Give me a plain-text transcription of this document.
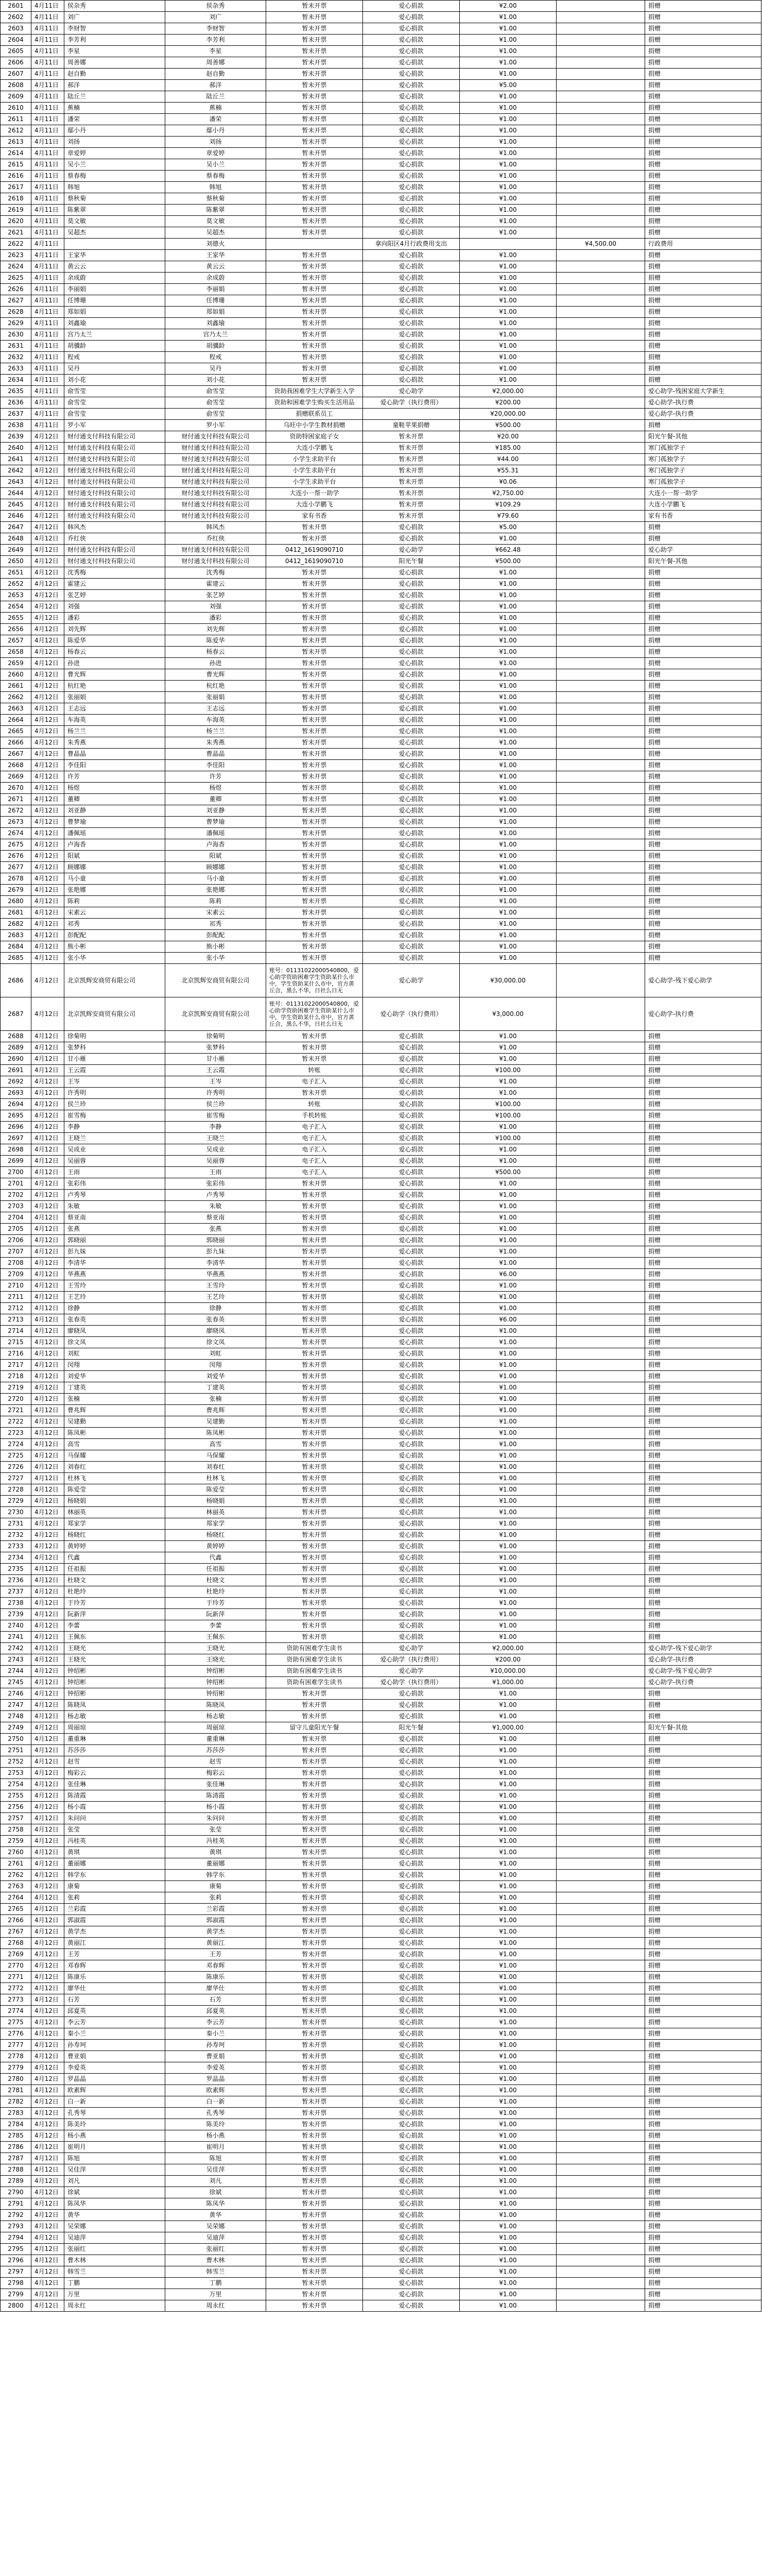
2601	4月11日	侯杂秀	侯杂秀	暂未开票	爱心捐款	¥2.00		捐赠
2602	4月11日	刘广	刘广	暂未开票	爱心捐款	¥1.00		捐赠
2603	4月11日	李财智	李财智	暂未开票	爱心捐款	¥1.00		捐赠
2604	4月11日	李芳利	李芳利	暂未开票	爱心捐款	¥1.00		捐赠
2605	4月11日	李星	李星	暂未开票	爱心捐款	¥1.00		捐赠
2606	4月11日	周善娜	周善娜	暂未开票	爱心捐款	¥1.00		捐赠
2607	4月11日	赵自勤	赵自勤	暂未开票	爱心捐款	¥1.00		捐赠
2608	4月11日	郝洋	郝洋	暂未开票	爱心捐款	¥5.00		捐赠
2609	4月11日	陆丘兰	陆丘兰	暂未开票	爱心捐款	¥1.00		捐赠
2610	4月11日	蕉楠	蕉楠	暂未开票	爱心捐款	¥1.00		捐赠
2611	4月11日	潘荣	潘荣	暂未开票	爱心捐款	¥1.00		捐赠
2612	4月11日	鄢小丹	鄢小丹	暂未开票	爱心捐款	¥1.00		捐赠
2613	4月11日	刘扬	刘扬	暂未开票	爱心捐款	¥1.00		捐赠
2614	4月11日	章爱婷	章爱婷	暂未开票	爱心捐款	¥1.00		捐赠
2615	4月11日	吴小兰	吴小兰	暂未开票	爱心捐款	¥1.00		捐赠
2616	4月11日	蔡春梅	蔡春梅	暂未开票	爱心捐款	¥1.00		捐赠
2617	4月11日	韩旭	韩旭	暂未开票	爱心捐款	¥1.00		捐赠
2618	4月11日	蔡秋菊	蔡秋菊	暂未开票	爱心捐款	¥1.00		捐赠
2619	4月11日	陈紫翠	陈紫翠	暂未开票	爱心捐款	¥1.00		捐赠
2620	4月11日	莫文敏	莫文敏	暂未开票	爱心捐款	¥1.00		捐赠
2621	4月11日	吴超杰	吴超杰	暂未开票	爱心捐款	¥1.00		捐赠
2622	4月11日		刘德火		拿向阳区4月行政费用支出		¥4,500.00	行政费用
2623	4月11日	王家华	王家华	暂未开票	爱心捐款	¥1.00		捐赠
2624	4月11日	黄云云	黄云云	暂未开票	爱心捐款	¥1.00		捐赠
2625	4月11日	余成蔚	余成蔚	暂未开票	爱心捐款	¥1.00		捐赠
2626	4月11日	李丽娟	李丽娟	暂未开票	爱心捐款	¥1.00		捐赠
2627	4月11日	任博珊	任博珊	暂未开票	爱心捐款	¥1.00		捐赠
2628	4月11日	郑如娟	郑如娟	暂未开票	爱心捐款	¥1.00		捐赠
2629	4月11日	刘鑫瑜	刘鑫瑜	暂未开票	爱心捐款	¥1.00		捐赠
2630	4月11日	宫乃太兰	宫乃太兰	暂未开票	爱心捐款	¥1.00		捐赠
2631	4月11日	胡骥龄	胡骥龄	暂未开票	爱心捐款	¥1.00		捐赠
2632	4月11日	程戒	程戒	暂未开票	爱心捐款	¥1.00		捐赠
2633	4月11日	吴丹	吴丹	暂未开票	爱心捐款	¥1.00		捐赠
2634	4月11日	刘小花	刘小花	暂未开票	爱心捐款	¥1.00		捐赠
2635	4月11日	俞雪莹	俞雪莹	资助我困难学生大学新生入学	爱心助学	¥2,000.00		爱心助学-残困家庭大学新生
2636	4月11日	俞雪莹	俞雪莹	资助和困难学生购买生活用品	爱心助学（执行费用）	¥200.00		爱心助学-执行费
2637	4月11日	俞雪莹	俞雪莹	捐赠联系员工		¥20,000.00		爱心助学-执行费
2638	4月11日	罗小军	罗小军	乌旺中小学生教材捐赠	童鞋苹果捐赠	¥500.00		捐赠
2639	4月12日	财付通支付科技有限公司	财付通支付科技有限公司	资助特困家庭子女	暂未开票	¥20.00		阳光午餐-其他
2640	4月12日	财付通支付科技有限公司	财付通支付科技有限公司	大连小学鹏飞	暂未开票	¥185.00		寒门孤独学子
2641	4月12日	财付通支付科技有限公司	财付通支付科技有限公司	小学生求助平台	暂未开票	¥44.00		寒门孤独学子
2642	4月12日	财付通支付科技有限公司	财付通支付科技有限公司	小学生求助平台	暂未开票	¥55.31		寒门孤独学子
2643	4月12日	财付通支付科技有限公司	财付通支付科技有限公司	小学生求助平台	暂未开票	¥0.06		寒门孤独学子
2644	4月12日	财付通支付科技有限公司	财付通支付科技有限公司	大连小一帮一助学	暂未开票	¥2,750.00		大连小一帮一助学
2645	4月12日	财付通支付科技有限公司	财付通支付科技有限公司	大连小学鹏飞	暂未开票	¥109.29		大连小学鹏飞
2646	4月12日	财付通支付科技有限公司	财付通支付科技有限公司	家有书香	暂未开票	¥79.60		家有书香
2647	4月12日	韩风杰	韩风杰	暂未开票	爱心捐款	¥5.00		捐赠
2648	4月12日	乔红侠	乔红侠	暂未开票	爱心捐款	¥1.00		捐赠
2649	4月12日	财付通支付科技有限公司	财付通支付科技有限公司	0412_1619090710	爱心助学	¥662.48		爱心助学
2650	4月12日	财付通支付科技有限公司	财付通支付科技有限公司	0412_1619090710	阳光午餐	¥500.00		阳光午餐-其他
2651	4月12日	沈秀梅	沈秀梅	暂未开票	爱心捐款	¥1.00		捐赠
2652	4月12日	霍建云	霍建云	暂未开票	爱心捐款	¥1.00		捐赠
2653	4月12日	张艺婷	张艺婷	暂未开票	爱心捐款	¥1.00		捐赠
2654	4月12日	刘强	刘强	暂未开票	爱心捐款	¥1.00		捐赠
2655	4月12日	潘彩	潘彩	暂未开票	爱心捐款	¥1.00		捐赠
2656	4月12日	刘先辉	刘先辉	暂未开票	爱心捐款	¥1.00		捐赠
2657	4月12日	陈爱华	陈爱华	暂未开票	爱心捐款	¥1.00		捐赠
2658	4月12日	杨春云	杨春云	暂未开票	爱心捐款	¥1.00		捐赠
2659	4月12日	孙进	孙进	暂未开票	爱心捐款	¥1.00		捐赠
2660	4月12日	曹光辉	曹光辉	暂未开票	爱心捐款	¥1.00		捐赠
2661	4月12日	杭红艳	杭红艳	暂未开票	爱心捐款	¥1.00		捐赠
2662	4月12日	张丽娟	张丽娟	暂未开票	爱心捐款	¥1.00		捐赠
2663	4月12日	王志远	王志远	暂未开票	爱心捐款	¥1.00		捐赠
2664	4月12日	车海英	车海英	暂未开票	爱心捐款	¥1.00		捐赠
2665	4月12日	杨兰兰	杨兰兰	暂未开票	爱心捐款	¥1.00		捐赠
2666	4月12日	朱秀燕	朱秀燕	暂未开票	爱心捐款	¥1.00		捐赠
2667	4月12日	曹晶晶	曹晶晶	暂未开票	爱心捐款	¥1.00		捐赠
2668	4月12日	李佳阳	李佳阳	暂未开票	爱心捐款	¥1.00		捐赠
2669	4月12日	许芳	许芳	暂未开票	爱心捐款	¥1.00		捐赠
2670	4月12日	杨煜	杨煜	暂未开票	爱心捐款	¥1.00		捐赠
2671	4月12日	董卿	董卿	暂未开票	爱心捐款	¥1.00		捐赠
2672	4月12日	刘亚静	刘亚静	暂未开票	爱心捐款	¥1.00		捐赠
2673	4月12日	曹梦瑜	曹梦瑜	暂未开票	爱心捐款	¥1.00		捐赠
2674	4月12日	潘佩瑶	潘佩瑶	暂未开票	爱心捐款	¥1.00		捐赠
2675	4月12日	卢海香	卢海香	暂未开票	爱心捐款	¥1.00		捐赠
2676	4月12日	阳斌	阳斌	暂未开票	爱心捐款	¥1.00		捐赠
2677	4月12日	顾娜娜	顾娜娜	暂未开票	爱心捐款	¥1.00		捐赠
2678	4月12日	马小童	马小童	暂未开票	爱心捐款	¥1.00		捐赠
2679	4月12日	张艳娜	张艳娜	暂未开票	爱心捐款	¥1.00		捐赠
2680	4月12日	陈莉	陈莉	暂未开票	爱心捐款	¥1.00		捐赠
2681	4月12日	宋素云	宋素云	暂未开票	爱心捐款	¥1.00		捐赠
2682	4月12日	祁秀	祁秀	暂未开票	爱心捐款	¥1.00		捐赠
2683	4月12日	彭配配	彭配配	暂未开票	爱心捐款	¥1.00		捐赠
2684	4月12日	熊小彬	熊小彬	暂未开票	爱心捐款	¥1.00		捐赠
2685	4月12日	张小华	张小华	暂未开票	爱心捐款	¥1.00		捐赠
2686	4月12日	北京凯辉安商贸有限公司	北京凯辉安商贸有限公司	账号：01131022000540800，爱心助学资助困难学生资助某什么市中，学生资助某什么市中，官方黄丘合，黑么不华，日社么日无	爱心助学	¥30,000.00		爱心助学-残下爱心助学
2687	4月12日	北京凯辉安商贸有限公司	北京凯辉安商贸有限公司	账号：01131022000540800，爱心助学资助困难学生资助某什么市中，学生资助某什么市中，官方黄丘合，黑么不华，日社么日无	爱心助学（执行费用）	¥3,000.00		爱心助学-执行费
2688	4月12日	徐菊明	徐菊明	暂未开票	爱心捐款	¥1.00		捐赠
2689	4月12日	张梦科	张梦科	暂未开票	爱心捐款	¥1.00		捐赠
2690	4月12日	甘小雁	甘小雁	暂未开票	爱心捐款	¥1.00		捐赠
2691	4月12日	王云霞	王云霞	转账	爱心捐款	¥100.00		捐赠
2692	4月12日	王岑	王岑	电子汇入	爱心捐款	¥1.00		捐赠
2693	4月12日	许秀明	许秀明	暂未开票	爱心捐款	¥1.00		捐赠
2694	4月12日	侯兰珍	侯兰珍	转账	爱心捐款	¥100.00		捐赠
2695	4月12日	崔雪梅	崔雪梅	手机转账	爱心捐款	¥100.00		捐赠
2696	4月12日	李静	李静	电子汇入	爱心捐款	¥1.00		捐赠
2697	4月12日	王晓兰	王晓兰	电子汇入	爱心捐款	¥100.00		捐赠
2698	4月12日	吴成业	吴成业	电子汇入	爱心捐款	¥1.00		捐赠
2699	4月12日	吴丽蓉	吴丽蓉	电子汇入	爱心捐款	¥1.00		捐赠
2700	4月12日	王雨	王雨	电子汇入	爱心捐款	¥500.00		捐赠
2701	4月12日	张彩伟	张彩伟	暂未开票	爱心捐款	¥1.00		捐赠
2702	4月12日	卢秀琴	卢秀琴	暂未开票	爱心捐款	¥1.00		捐赠
2703	4月12日	朱敏	朱敏	暂未开票	爱心捐款	¥1.00		捐赠
2704	4月12日	蔡亚南	蔡亚南	暂未开票	爱心捐款	¥1.00		捐赠
2705	4月12日	张燕	张燕	暂未开票	爱心捐款	¥1.00		捐赠
2706	4月12日	郭晓丽	郭晓丽	暂未开票	爱心捐款	¥1.00		捐赠
2707	4月12日	彭九妹	彭九妹	暂未开票	爱心捐款	¥1.00		捐赠
2708	4月12日	李清华	李清华	暂未开票	爱心捐款	¥1.00		捐赠
2709	4月12日	华燕燕	华燕燕	暂未开票	爱心捐款	¥6.00		捐赠
2710	4月12日	王雪玲	王雪玲	暂未开票	爱心捐款	¥1.00		捐赠
2711	4月12日	王艺玲	王艺玲	暂未开票	爱心捐款	¥1.00		捐赠
2712	4月12日	徐静	徐静	暂未开票	爱心捐款	¥1.00		捐赠
2713	4月12日	张春英	张春英	暂未开票	爱心捐款	¥6.00		捐赠
2714	4月12日	廖晓凤	廖晓凤	暂未开票	爱心捐款	¥1.00		捐赠
2715	4月12日	徐文凤	徐文凤	暂未开票	爱心捐款	¥1.00		捐赠
2716	4月12日	刘虹	刘虹	暂未开票	爱心捐款	¥1.00		捐赠
2717	4月12日	闵翔	闵翔	暂未开票	爱心捐款	¥1.00		捐赠
2718	4月12日	刘爱华	刘爱华	暂未开票	爱心捐款	¥1.00		捐赠
2719	4月12日	丁建英	丁建英	暂未开票	爱心捐款	¥1.00		捐赠
2720	4月12日	张楠	张楠	暂未开票	爱心捐款	¥1.00		捐赠
2721	4月12日	曹兆辉	曹兆辉	暂未开票	爱心捐款	¥1.00		捐赠
2722	4月12日	吴建勤	吴建勤	暂未开票	爱心捐款	¥1.00		捐赠
2723	4月12日	陈凤彬	陈凤彬	暂未开票	爱心捐款	¥1.00		捐赠
2724	4月12日	高雪	高雪	暂未开票	爱心捐款	¥1.00		捐赠
2725	4月12日	马保耀	马保耀	暂未开票	爱心捐款	¥1.00		捐赠
2726	4月12日	刘春红	刘春红	暂未开票	爱心捐款	¥1.00		捐赠
2727	4月12日	杜林飞	杜林飞	暂未开票	爱心捐款	¥1.00		捐赠
2728	4月12日	陈爱莹	陈爱莹	暂未开票	爱心捐款	¥1.00		捐赠
2729	4月12日	杨晓娟	杨晓娟	暂未开票	爱心捐款	¥1.00		捐赠
2730	4月12日	林丽英	林丽英	暂未开票	爱心捐款	¥1.00		捐赠
2731	4月12日	郑家学	郑家学	暂未开票	爱心捐款	¥1.00		捐赠
2732	4月12日	杨晓红	杨晓红	暂未开票	爱心捐款	¥1.00		捐赠
2733	4月12日	黄婷婷	黄婷婷	暂未开票	爱心捐款	¥1.00		捐赠
2734	4月12日	代鑫	代鑫	暂未开票	爱心捐款	¥1.00		捐赠
2735	4月12日	任祖振	任祖振	暂未开票	爱心捐款	¥1.00		捐赠
2736	4月12日	杜晓文	杜晓文	暂未开票	爱心捐款	¥1.00		捐赠
2737	4月12日	杜艳玲	杜艳玲	暂未开票	爱心捐款	¥1.00		捐赠
2738	4月12日	于玲芳	于玲芳	暂未开票	爱心捐款	¥1.00		捐赠
2739	4月12日	阮新萍	阮新萍	暂未开票	爱心捐款	¥1.00		捐赠
2740	4月12日	李蕾	李蕾	暂未开票	爱心捐款	¥1.00		捐赠
2741	4月12日	王佩东	王佩东	暂未开票	爱心捐款	¥1.00		捐赠
2742	4月12日	王晓光	王晓光	资助有困难学生读书	爱心助学	¥2,000.00		爱心助学-残下爱心助学
2743	4月12日	王晓光	王晓光	资助有困难学生读书	爱心助学（执行费用）	¥200.00		爱心助学-执行费
2744	4月12日	钟绍彬	钟绍彬	资助有困难学生读书	爱心助学	¥10,000.00		爱心助学-残下爱心助学
2745	4月12日	钟绍彬	钟绍彬	资助有困难学生读书	爱心助学（执行费用）	¥1,000.00		爱心助学-执行费
2746	4月12日	钟绍彬	钟绍彬	暂未开票	爱心捐款	¥1.00		捐赠
2747	4月12日	陈晓凤	陈晓凤	暂未开票	爱心捐款	¥1.00		捐赠
2748	4月12日	杨志敏	杨志敏	暂未开票	爱心捐款	¥1.00		捐赠
2749	4月12日	周丽琼	周丽琼	留守儿童阳光午餐	阳光午餐	¥1,000.00		阳光午餐-其他
2750	4月12日	董重琳	董重琳	暂未开票	爱心捐款	¥1.00		捐赠
2751	4月12日	苏莎莎	苏莎莎	暂未开票	爱心捐款	¥1.00		捐赠
2752	4月12日	赵雪	赵雪	暂未开票	爱心捐款	¥1.00		捐赠
2753	4月12日	梅彩云	梅彩云	暂未开票	爱心捐款	¥1.00		捐赠
2754	4月12日	张佳琳	张佳琳	暂未开票	爱心捐款	¥1.00		捐赠
2755	4月12日	陈清霞	陈清霞	暂未开票	爱心捐款	¥1.00		捐赠
2756	4月12日	杨小霞	杨小霞	暂未开票	爱心捐款	¥1.00		捐赠
2757	4月12日	朱问问	朱问问	暂未开票	爱心捐款	¥1.00		捐赠
2758	4月12日	张莹	张莹	暂未开票	爱心捐款	¥1.00		捐赠
2759	4月12日	冯桂英	冯桂英	暂未开票	爱心捐款	¥1.00		捐赠
2760	4月12日	黄琪	黄琪	暂未开票	爱心捐款	¥1.00		捐赠
2761	4月12日	董丽娜	董丽娜	暂未开票	爱心捐款	¥1.00		捐赠
2762	4月12日	韩学东	韩学东	暂未开票	爱心捐款	¥1.00		捐赠
2763	4月12日	康菊	康菊	暂未开票	爱心捐款	¥1.00		捐赠
2764	4月12日	张莉	张莉	暂未开票	爱心捐款	¥1.00		捐赠
2765	4月12日	兰彩霞	兰彩霞	暂未开票	爱心捐款	¥1.00		捐赠
2766	4月12日	郭淑霞	郭淑霞	暂未开票	爱心捐款	¥1.00		捐赠
2767	4月12日	黄学杰	黄学杰	暂未开票	爱心捐款	¥1.00		捐赠
2768	4月12日	黄丽江	黄丽江	暂未开票	爱心捐款	¥1.00		捐赠
2769	4月12日	王芳	王芳	暂未开票	爱心捐款	¥1.00		捐赠
2770	4月12日	邓春辉	邓春辉	暂未开票	爱心捐款	¥1.00		捐赠
2771	4月12日	陈康乐	陈康乐	暂未开票	爱心捐款	¥1.00		捐赠
2772	4月12日	廖华仕	廖华仕	暂未开票	爱心捐款	¥1.00		捐赠
2773	4月12日	石芳	石芳	暂未开票	爱心捐款	¥1.00		捐赠
2774	4月12日	邱夏英	邱夏英	暂未开票	爱心捐款	¥1.00		捐赠
2775	4月12日	李云芳	李云芳	暂未开票	爱心捐款	¥1.00		捐赠
2776	4月12日	秦小兰	秦小兰	暂未开票	爱心捐款	¥1.00		捐赠
2777	4月12日	孙寿珂	孙寿珂	暂未开票	爱心捐款	¥1.00		捐赠
2778	4月12日	曹亚娟	曹亚娟	暂未开票	爱心捐款	¥1.00		捐赠
2779	4月12日	李爱英	李爱英	暂未开票	爱心捐款	¥1.00		捐赠
2780	4月12日	罗晶晶	罗晶晶	暂未开票	爱心捐款	¥1.00		捐赠
2781	4月12日	欧素辉	欧素辉	暂未开票	爱心捐款	¥1.00		捐赠
2782	4月12日	白一新	白一新	暂未开票	爱心捐款	¥1.00		捐赠
2783	4月12日	孔秀琴	孔秀琴	暂未开票	爱心捐款	¥1.00		捐赠
2784	4月12日	陈美玲	陈美玲	暂未开票	爱心捐款	¥1.00		捐赠
2785	4月12日	杨小燕	杨小燕	暂未开票	爱心捐款	¥1.00		捐赠
2786	4月12日	崔明月	崔明月	暂未开票	爱心捐款	¥1.00		捐赠
2787	4月12日	陈旭	陈旭	暂未开票	爱心捐款	¥1.00		捐赠
2788	4月12日	吴佳萍	吴佳萍	暂未开票	爱心捐款	¥1.00		捐赠
2789	4月12日	刘凡	刘凡	暂未开票	爱心捐款	¥1.00		捐赠
2790	4月12日	徐斌	徐斌	暂未开票	爱心捐款	¥1.00		捐赠
2791	4月12日	陈凤华	陈凤华	暂未开票	爱心捐款	¥1.00		捐赠
2792	4月12日	黄华	黄华	暂未开票	爱心捐款	¥1.00		捐赠
2793	4月12日	吴荣娜	吴荣娜	暂未开票	爱心捐款	¥1.00		捐赠
2794	4月12日	吴迪萍	吴迪萍	暂未开票	爱心捐款	¥1.00		捐赠
2795	4月12日	张丽红	张丽红	暂未开票	爱心捐款	¥1.00		捐赠
2796	4月12日	曹木林	曹木林	暂未开票	爱心捐款	¥1.00		捐赠
2797	4月12日	韩雪兰	韩雪兰	暂未开票	爱心捐款	¥1.00		捐赠
2798	4月12日	丁鹏	丁鹏	暂未开票	爱心捐款	¥1.00		捐赠
2799	4月12日	万里	万里	暂未开票	爱心捐款	¥1.00		捐赠
2800	4月12日	周永红	周永红	暂未开票	爱心捐款	¥1.00		捐赠
